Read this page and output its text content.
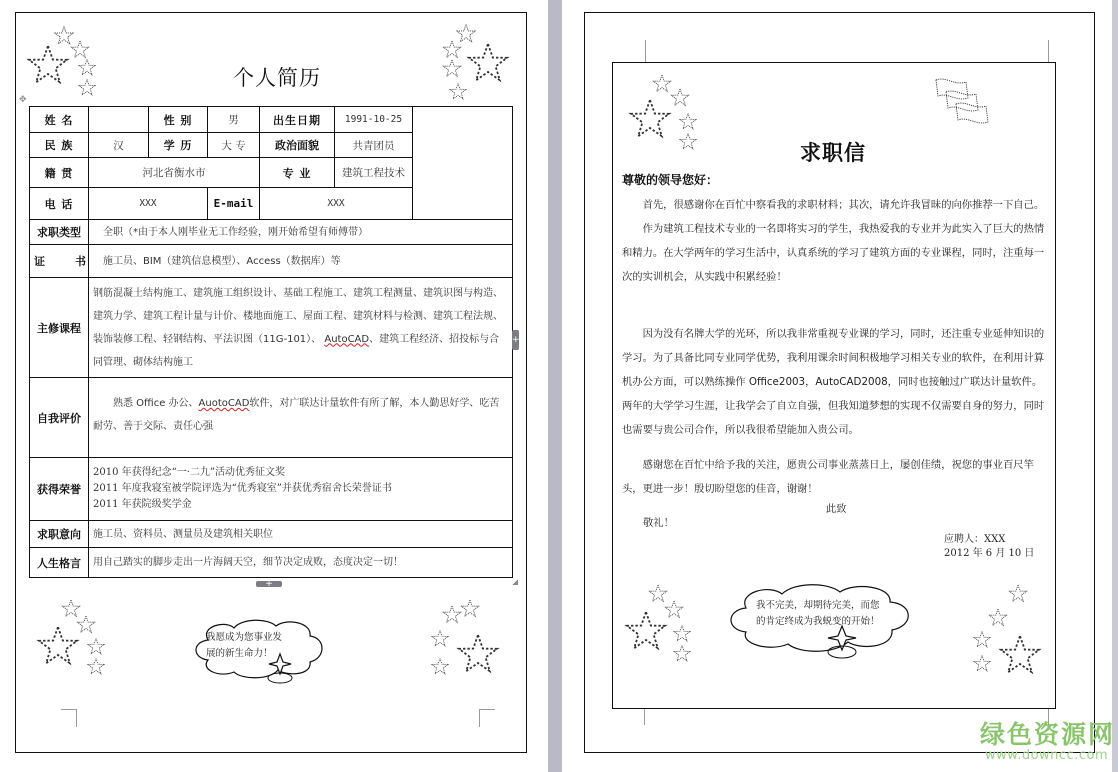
个人简历
✥
姓 名		性 别	男	出生日期	1991-10-25	
民 族	汉	学 历	大 专	政治面貌	共青团员	
籍 贯	河北省衡水市			专 业	建筑工程技术	
电 话	XXX		E-mail	XXX		
求职类型	全职（*由于本人刚毕业无工作经验，刚开始希望有师傅带）					
证      书	施工员、BIM（建筑信息模型）、Access（数据库）等					
主修课程	钢筋混凝土结构施工、建筑施工组织设计、基础工程施工、建筑工程测量、建筑识图与构造、建筑力学、建筑工程计量与计价、楼地面施工、屋面工程、建筑材料与检测、建筑工程法规、装饰装修工程、轻钢结构、平法识图（11G-101）、 AutoCAD、建筑工程经济、招投标与合同管理、砌体结构施工					
自我评价	熟悉 Office 办公、AuotoCAD软件，对广联达计量软件有所了解，本人勤思好学、吃苦耐劳、善于交际、责任心强					
获得荣誉	2010 年获得纪念“一·二九”活动优秀征文奖
2011 年度我寝室被学院评选为“优秀寝室”并获优秀宿舍长荣誉证书
2011 年获院级奖学金					

求职意向	施工员、资料员、测量员及建筑相关职位					
人生格言	用自己踏实的脚步走出一片海阔天空，细节决定成败，态度决定一切！					
+
+
我愿成为您事业发展的新生命力！
求职信
尊敬的领导您好：

首先，很感谢你在百忙中察看我的求职材料；其次，请允许我冒昧的向你推荐一下自己。

作为建筑工程技术专业的一名即将实习的学生，我热爱我的专业并为此实入了巨大的热情和精力。在大学两年的学习生活中，认真系统的学习了建筑方面的专业课程，同时，注重每一次的实训机会，从实践中积累经验！

因为没有名牌大学的光环，所以我非常重视专业课的学习，同时，还注重专业延伸知识的学习。为了具备比同专业同学优势，我利用课余时间积极地学习相关专业的软件，在利用计算机办公方面，可以熟练操作 Office2003，AutoCAD2008，同时也接触过广联达计量软件。两年的大学学习生涯，让我学会了自立自强，但我知道梦想的实现不仅需要自身的努力，同时也需要与贵公司合作，所以我很希望能加入贵公司。

感谢您在百忙中给予我的关注，愿贵公司事业蒸蒸日上，屡创佳绩，祝您的事业百尺竿头，更进一步！殷切盼望您的佳音，谢谢！

此致
敬礼！
应聘人：XXX
2012 年 6 月 10 日
我不完美，却期待完美，而您的肯定终成为我蜕变的开始！
绿色资源网
www.downcc.com
